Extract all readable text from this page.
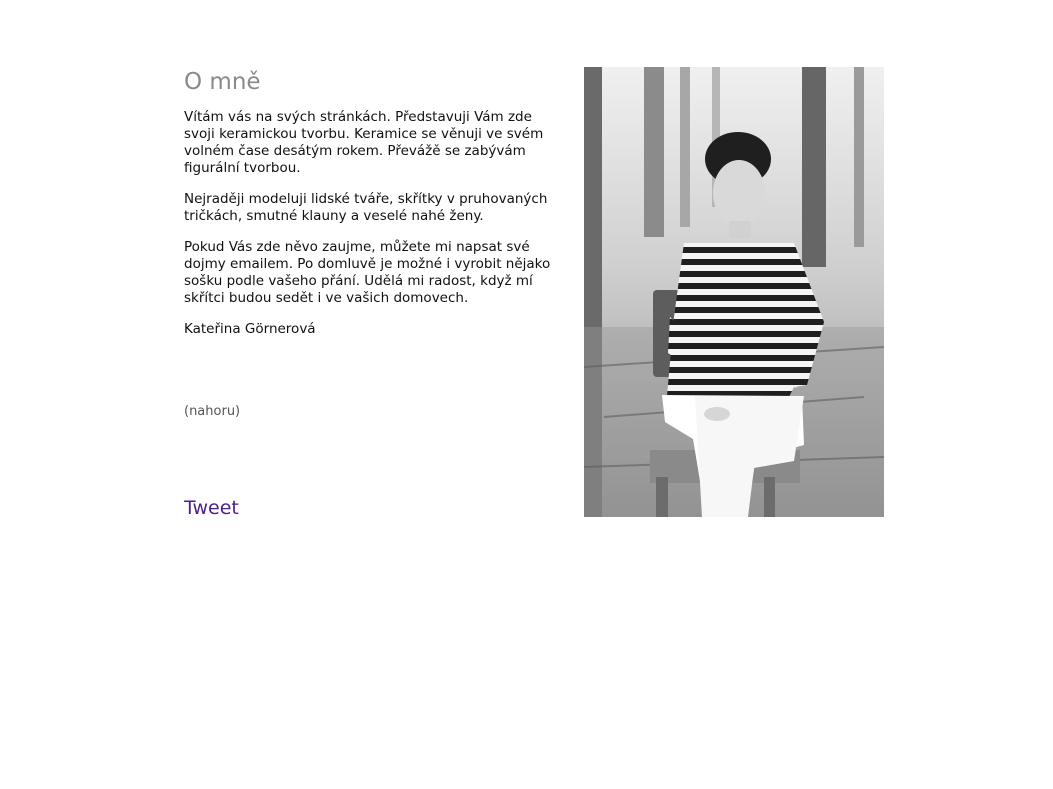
O mně

Vítám vás na svých stránkách. Představuji Vám zde svoji keramickou tvorbu. Keramice se věnuji ve svém volném čase desátým rokem. Převážě se zabývám figurální tvorbou.

Nejraději modeluji lidské tváře, skřítky v pruhovaných tričkách, smutné klauny a veselé nahé ženy.

Pokud Vás zde něvo zaujme, můžete mi napsat své dojmy emailem. Po domluvě je možné i vyrobit nějako sošku podle vašeho přání. Udělá mi radost, když mí skřítci budou sedět i ve vašich domovech.

Kateřina Görnerová

(nahoru)
Tweet
